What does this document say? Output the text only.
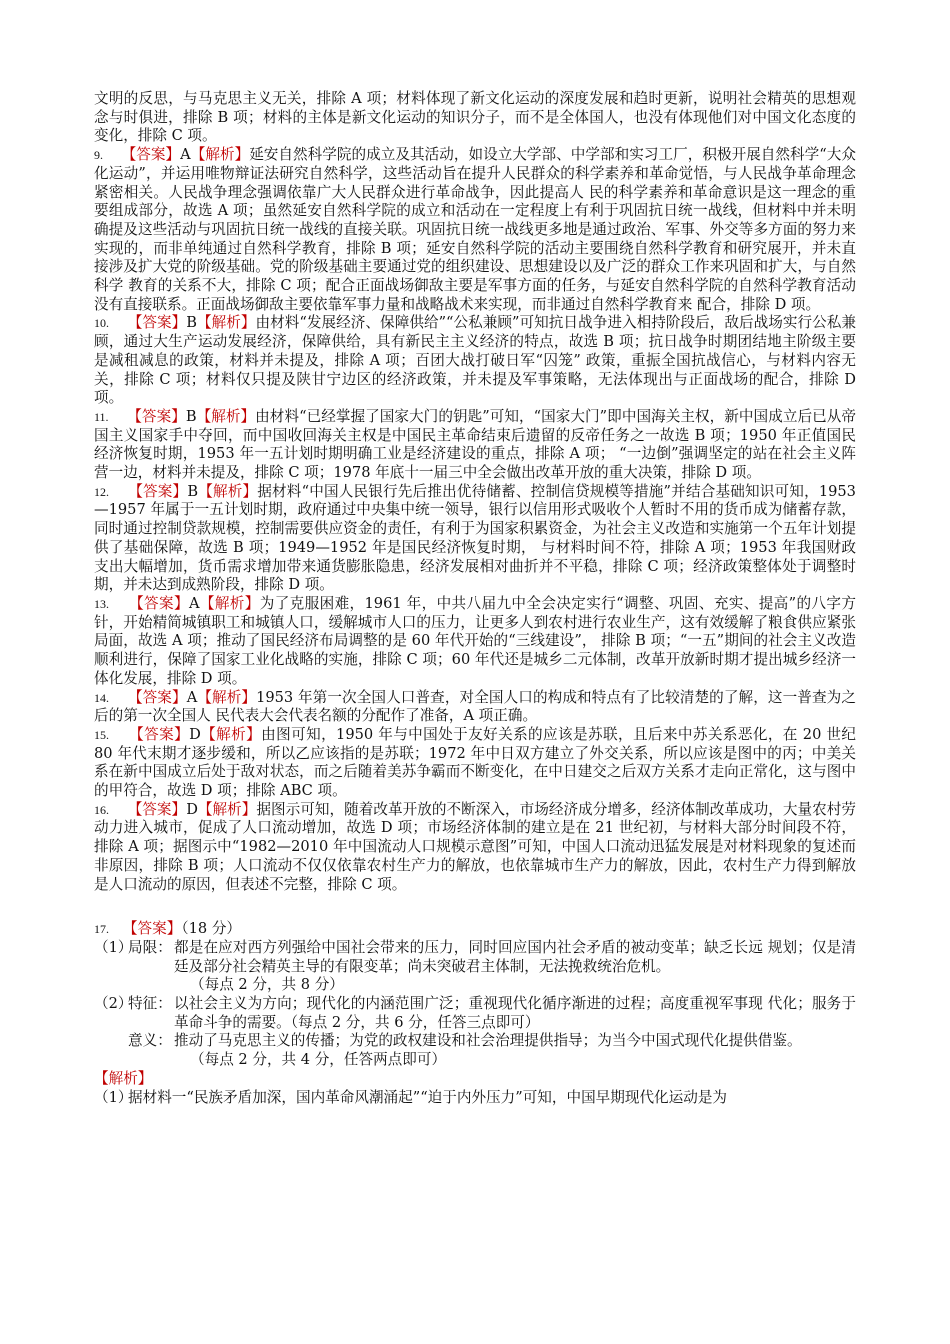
文明的反思，与马克思主义无关，排除 A 项；材料体现了新文化运动的深度发展和趋时更新，说明社会精英的思想观念与时俱进，排除 B 项；材料的主体是新文化运动的知识分子，而不是全体国人，也没有体现他们对中国文化态度的变化，排除 C 项。

9. 【答案】A【解析】延安自然科学院的成立及其活动，如设立大学部、中学部和实习工厂，积极开展自然科学“大众化运动”，并运用唯物辩证法研究自然科学，这些活动旨在提升人民群众的科学素养和革命觉悟，与人民战争革命理念紧密相关。人民战争理念强调依靠广大人民群众进行革命战争，因此提高人 民的科学素养和革命意识是这一理念的重要组成部分，故选 A 项；虽然延安自然科学院的成立和活动在一定程度上有利于巩固抗日统一战线，但材料中并未明确提及这些活动与巩固抗日统一战线的直接关联。巩固抗日统一战线更多地是通过政治、军事、外交等多方面的努力来实现的，而非单纯通过自然科学教育，排除 B 项；延安自然科学院的活动主要围绕自然科学教育和研究展开，并未直接涉及扩大党的阶级基础。党的阶级基础主要通过党的组织建设、思想建设以及广泛的群众工作来巩固和扩大，与自然科学 教育的关系不大，排除 C 项；配合正面战场御敌主要是军事方面的任务，与延安自然科学院的自然科学教育活动没有直接联系。正面战场御敌主要依靠军事力量和战略战术来实现，而非通过自然科学教育来 配合，排除 D 项。

10. 【答案】B【解析】由材料“发展经济、保障供给”“公私兼顾”可知抗日战争进入相持阶段后，敌后战场实行公私兼顾，通过大生产运动发展经济，保障供给，具有新民主主义经济的特点，故选 B 项；抗日战争时期团结地主阶级主要是减租减息的政策，材料并未提及，排除 A 项；百团大战打破日军“囚笼” 政策，重振全国抗战信心，与材料内容无关，排除 C 项；材料仅只提及陕甘宁边区的经济政策，并未提及军事策略，无法体现出与正面战场的配合，排除 D 项。

11. 【答案】B【解析】由材料“已经掌握了国家大门的钥匙”可知，“国家大门”即中国海关主权，新中国成立后已从帝国主义国家手中夺回，而中国收回海关主权是中国民主革命结束后遗留的反帝任务之一故选 B 项；1950 年正值国民经济恢复时期，1953 年一五计划时期明确工业是经济建设的重点，排除 A 项； “一边倒”强调坚定的站在社会主义阵营一边，材料并未提及，排除 C 项；1978 年底十一届三中全会做出改革开放的重大决策，排除 D 项。

12. 【答案】B【解析】据材料“中国人民银行先后推出优待储蓄、控制信贷规模等措施”并结合基础知识可知，1953—1957 年属于一五计划时期，政府通过中央集中统一领导，银行以信用形式吸收个人暂时不用的货币成为储蓄存款，同时通过控制贷款规模，控制需要供应资金的责任，有利于为国家积累资金，为社会主义改造和实施第一个五年计划提供了基础保障，故选 B 项；1949—1952 年是国民经济恢复时期， 与材料时间不符，排除 A 项；1953 年我国财政支出大幅增加，货币需求增加带来通货膨胀隐患，经济发展相对曲折并不平稳，排除 C 项；经济政策整体处于调整时期，并未达到成熟阶段，排除 D 项。

13. 【答案】A【解析】为了克服困难，1961 年，中共八届九中全会决定实行“调整、巩固、充实、提高”的八字方针，开始精简城镇职工和城镇人口，缓解城市人口的压力，让更多人到农村进行农业生产，这有效缓解了粮食供应紧张局面，故选 A 项；推动了国民经济布局调整的是 60 年代开始的“三线建设”， 排除 B 项；“一五”期间的社会主义改造顺利进行，保障了国家工业化战略的实施，排除 C 项；60 年代还是城乡二元体制，改革开放新时期才提出城乡经济一体化发展，排除 D 项。

14. 【答案】A【解析】1953 年第一次全国人口普查，对全国人口的构成和特点有了比较清楚的了解，这一普查为之后的第一次全国人 民代表大会代表名额的分配作了准备，A 项正确。

15. 【答案】D【解析】由图可知，1950 年与中国处于友好关系的应该是苏联，且后来中苏关系恶化，在 20 世纪 80 年代末期才逐步缓和，所以乙应该指的是苏联；1972 年中日双方建立了外交关系，所以应该是图中的丙；中美关系在新中国成立后处于敌对状态，而之后随着美苏争霸而不断变化，在中日建交之后双方关系才走向正常化，这与图中的甲符合，故选 D 项；排除 ABC 项。

16. 【答案】D【解析】据图示可知，随着改革开放的不断深入，市场经济成分增多，经济体制改革成功，大量农村劳动力进入城市，促成了人口流动增加，故选 D 项；市场经济体制的建立是在 21 世纪初，与材料大部分时间段不符，排除 A 项；据图示中“1982—2010 年中国流动人口规模示意图”可知，中国人口流动迅猛发展是对材料现象的复述而非原因，排除 B 项；人口流动不仅仅依靠农村生产力的解放，也依靠城市生产力的解放，因此，农村生产力得到解放是人口流动的原因，但表述不完整，排除 C 项。

17. 【答案】（18 分）

（1）
局限： 都是在应对西方列强给中国社会带来的压力，同时回应国内社会矛盾的被动变革；缺乏长远 规划；仅是清廷及部分社会精英主导的有限变革；尚未突破君主体制，无法挽救统治危机。

（每点 2 分，共 8 分）

（2）
特征： 以社会主义为方向；现代化的内涵范围广泛；重视现代化循序渐进的过程；高度重视军事现 代化；服务于革命斗争的需要。（每点 2 分，共 6 分，任答三点即可）
意义： 推动了马克思主义的传播；为党的政权建设和社会治理提供指导；为当今中国式现代化提供借鉴。

（每点 2 分，共 4 分，任答两点即可）

【解析】

（1）
据材料一“民族矛盾加深，国内革命风潮涌起”“迫于内外压力”可知，中国早期现代化运动是为
